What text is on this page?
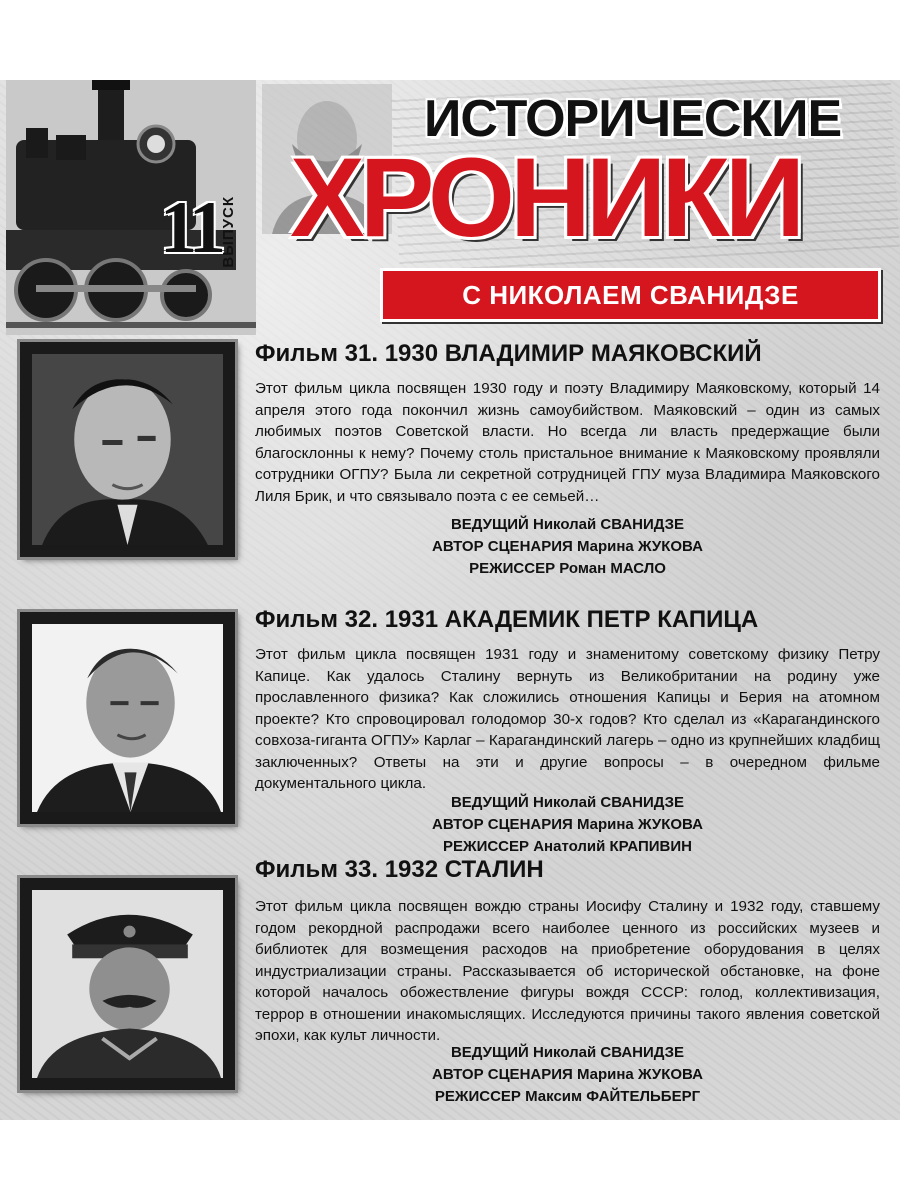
11
ВЫПУСК
ИСТОРИЧЕСКИЕ
ХРОНИКИ
С НИКОЛАЕМ СВАНИДЗЕ
Фильм 31. 1930 ВЛАДИМИР МАЯКОВСКИЙ
Этот фильм цикла посвящен 1930 году и поэту Владимиру Маяковскому, который 14 апреля этого года покончил жизнь самоубийством. Маяковский – один из самых любимых поэтов Советской власти. Но всегда ли власть предержащие были благосклонны к нему? Почему столь пристальное внимание к Маяковскому проявляли сотрудники ОГПУ? Была ли секретной сотрудницей ГПУ муза Владимира Маяковского Лиля Брик, и что связывало поэта с ее семьей…
ВЕДУЩИЙ Николай СВАНИДЗЕ
АВТОР СЦЕНАРИЯ Марина ЖУКОВА
РЕЖИССЕР Роман МАСЛО
Фильм 32. 1931 АКАДЕМИК ПЕТР КАПИЦА
Этот фильм цикла посвящен 1931 году и знаменитому советскому физику Петру Капице. Как удалось Сталину вернуть из Великобритании на родину уже прославленного физика? Как сложились отношения Капицы и Берия на атомном проекте? Кто спровоцировал голодомор 30-х годов? Кто сделал из «Карагандинского совхоза-гиганта ОГПУ» Карлаг – Карагандинский лагерь – одно из крупнейших кладбищ заключенных? Ответы на эти и другие вопросы – в очередном фильме документального цикла.
ВЕДУЩИЙ Николай СВАНИДЗЕ
АВТОР СЦЕНАРИЯ Марина ЖУКОВА
РЕЖИССЕР Анатолий КРАПИВИН
Фильм 33. 1932 СТАЛИН
Этот фильм цикла посвящен вождю страны Иосифу Сталину и 1932 году, ставшему годом рекордной распродажи всего наиболее ценного из российских музеев и библиотек для возмещения расходов на приобретение оборудования в целях индустриализации страны. Рассказывается об исторической обстановке, на фоне которой началось обожествление фигуры вождя СССР: голод, коллективизация, террор в отношении инакомыслящих. Исследуются причины такого явления советской эпохи, как культ личности.
ВЕДУЩИЙ Николай СВАНИДЗЕ
АВТОР СЦЕНАРИЯ Марина ЖУКОВА
РЕЖИССЕР Максим ФАЙТЕЛЬБЕРГ
